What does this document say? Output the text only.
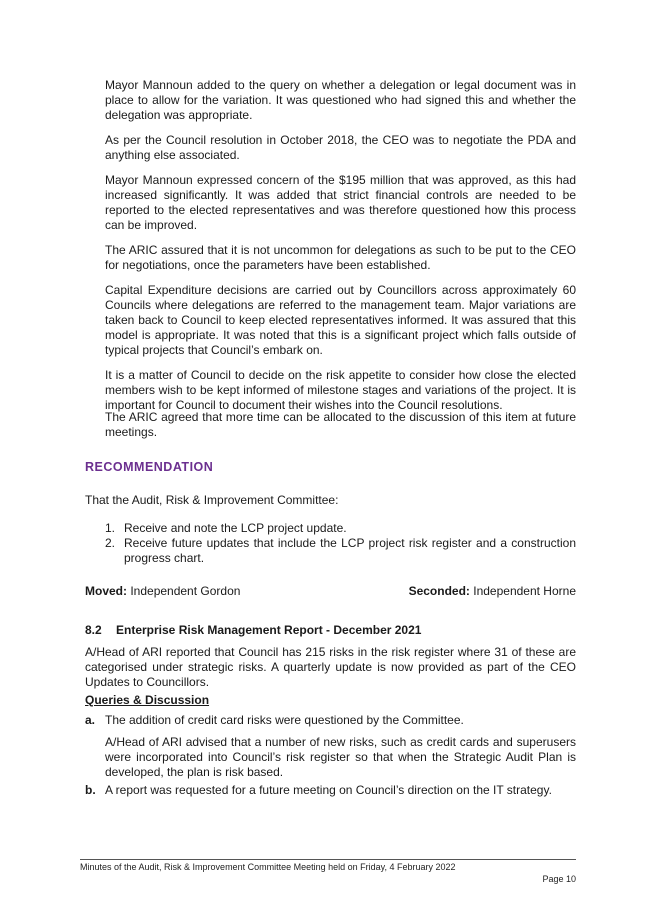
Mayor Mannoun added to the query on whether a delegation or legal document was in place to allow for the variation. It was questioned who had signed this and whether the delegation was appropriate.
As per the Council resolution in October 2018, the CEO was to negotiate the PDA and anything else associated.
Mayor Mannoun expressed concern of the $195 million that was approved, as this had increased significantly. It was added that strict financial controls are needed to be reported to the elected representatives and was therefore questioned how this process can be improved.
The ARIC assured that it is not uncommon for delegations as such to be put to the CEO for negotiations, once the parameters have been established.
Capital Expenditure decisions are carried out by Councillors across approximately 60 Councils where delegations are referred to the management team. Major variations are taken back to Council to keep elected representatives informed. It was assured that this model is appropriate. It was noted that this is a significant project which falls outside of typical projects that Council’s embark on.
It is a matter of Council to decide on the risk appetite to consider how close the elected members wish to be kept informed of milestone stages and variations of the project. It is important for Council to document their wishes into the Council resolutions.
The ARIC agreed that more time can be allocated to the discussion of this item at future meetings.
RECOMMENDATION
That the Audit, Risk & Improvement Committee:
1. Receive and note the LCP project update.
2. Receive future updates that include the LCP project risk register and a construction progress chart.
Moved: Independent Gordon	Seconded: Independent Horne
8.2 Enterprise Risk Management Report - December 2021
A/Head of ARI reported that Council has 215 risks in the risk register where 31 of these are categorised under strategic risks. A quarterly update is now provided as part of the CEO Updates to Councillors.
Queries & Discussion
a. The addition of credit card risks were questioned by the Committee.
A/Head of ARI advised that a number of new risks, such as credit cards and superusers were incorporated into Council’s risk register so that when the Strategic Audit Plan is developed, the plan is risk based.
b. A report was requested for a future meeting on Council’s direction on the IT strategy.
Minutes of the Audit, Risk & Improvement Committee Meeting held on Friday, 4 February 2022
Page 10
